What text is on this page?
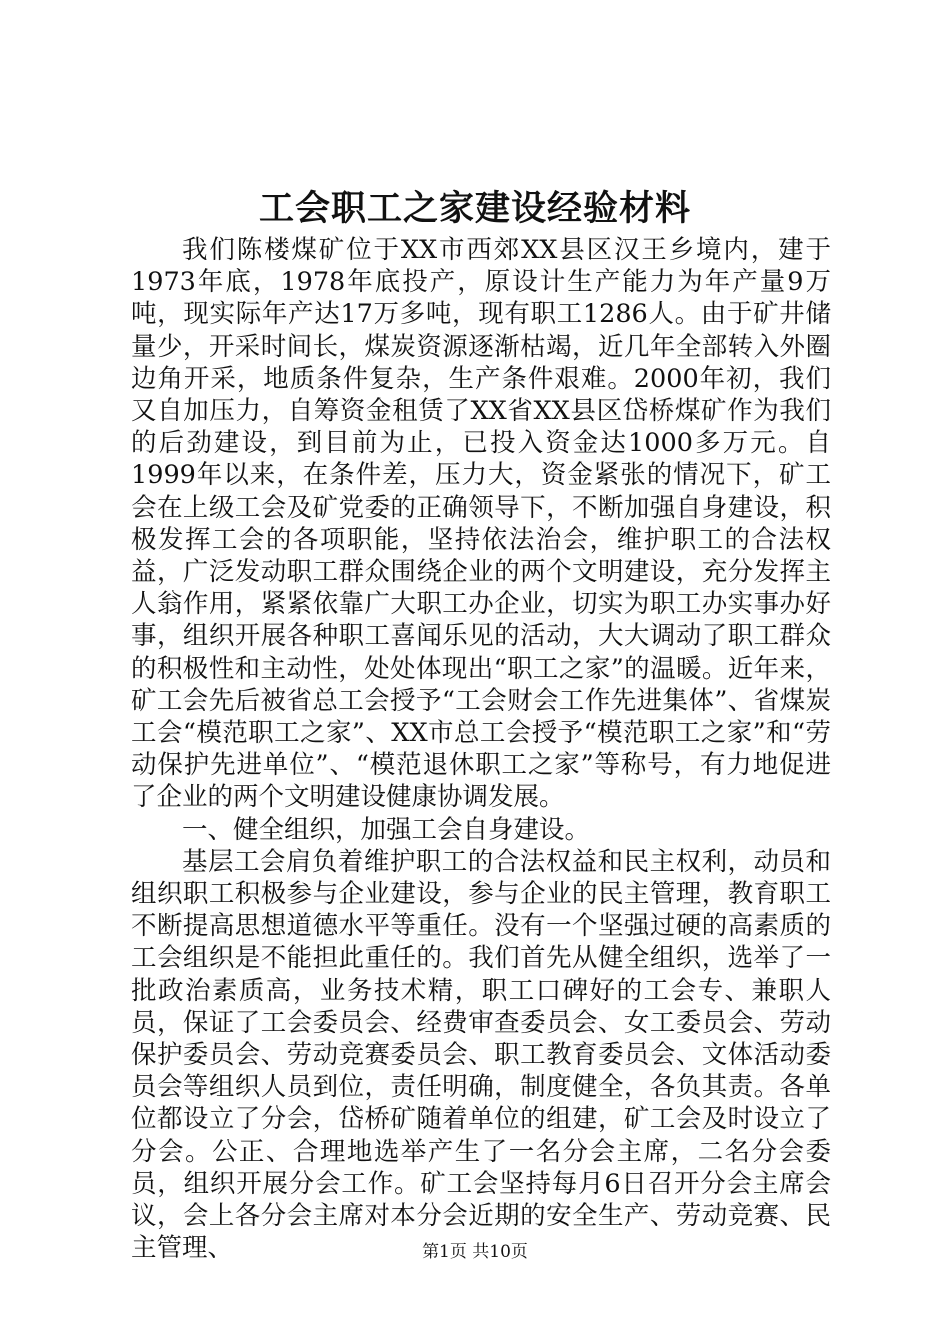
工会职工之家建设经验材料

我们陈楼煤矿位于XX市西郊XX县区汉王乡境内，建于1973年底，1978年底投产，原设计生产能力为年产量9万吨，现实际年产达17万多吨，现有职工1286人。由于矿井储量少，开采时间长，煤炭资源逐渐枯竭，近几年全部转入外圈边角开采，地质条件复杂，生产条件艰难。2000年初，我们又自加压力，自筹资金租赁了XX省XX县区岱桥煤矿作为我们的后劲建设，到目前为止，已投入资金达1000多万元。自1999年以来，在条件差，压力大，资金紧张的情况下，矿工会在上级工会及矿党委的正确领导下，不断加强自身建设，积极发挥工会的各项职能，坚持依法治会，维护职工的合法权益，广泛发动职工群众围绕企业的两个文明建设，充分发挥主人翁作用，紧紧依靠广大职工办企业，切实为职工办实事办好事，组织开展各种职工喜闻乐见的活动，大大调动了职工群众的积极性和主动性，处处体现出“职工之家”的温暖。近年来，矿工会先后被省总工会授予“工会财会工作先进集体”、省煤炭工会“模范职工之家”、XX市总工会授予“模范职工之家”和“劳动保护先进单位”、“模范退休职工之家”等称号，有力地促进了企业的两个文明建设健康协调发展。

一、健全组织，加强工会自身建设。

基层工会肩负着维护职工的合法权益和民主权利，动员和组织职工积极参与企业建设，参与企业的民主管理，教育职工不断提高思想道德水平等重任。没有一个坚强过硬的高素质的工会组织是不能担此重任的。我们首先从健全组织，选举了一批政治素质高，业务技术精，职工口碑好的工会专、兼职人员，保证了工会委员会、经费审查委员会、女工委员会、劳动保护委员会、劳动竞赛委员会、职工教育委员会、文体活动委员会等组织人员到位，责任明确，制度健全，各负其责。各单位都设立了分会，岱桥矿随着单位的组建，矿工会及时设立了分会。公正、合理地选举产生了一名分会主席，二名分会委员，组织开展分会工作。矿工会坚持每月6日召开分会主席会议，会上各分会主席对本分会近期的安全生产、劳动竞赛、民主管理、	第1页 共10页
